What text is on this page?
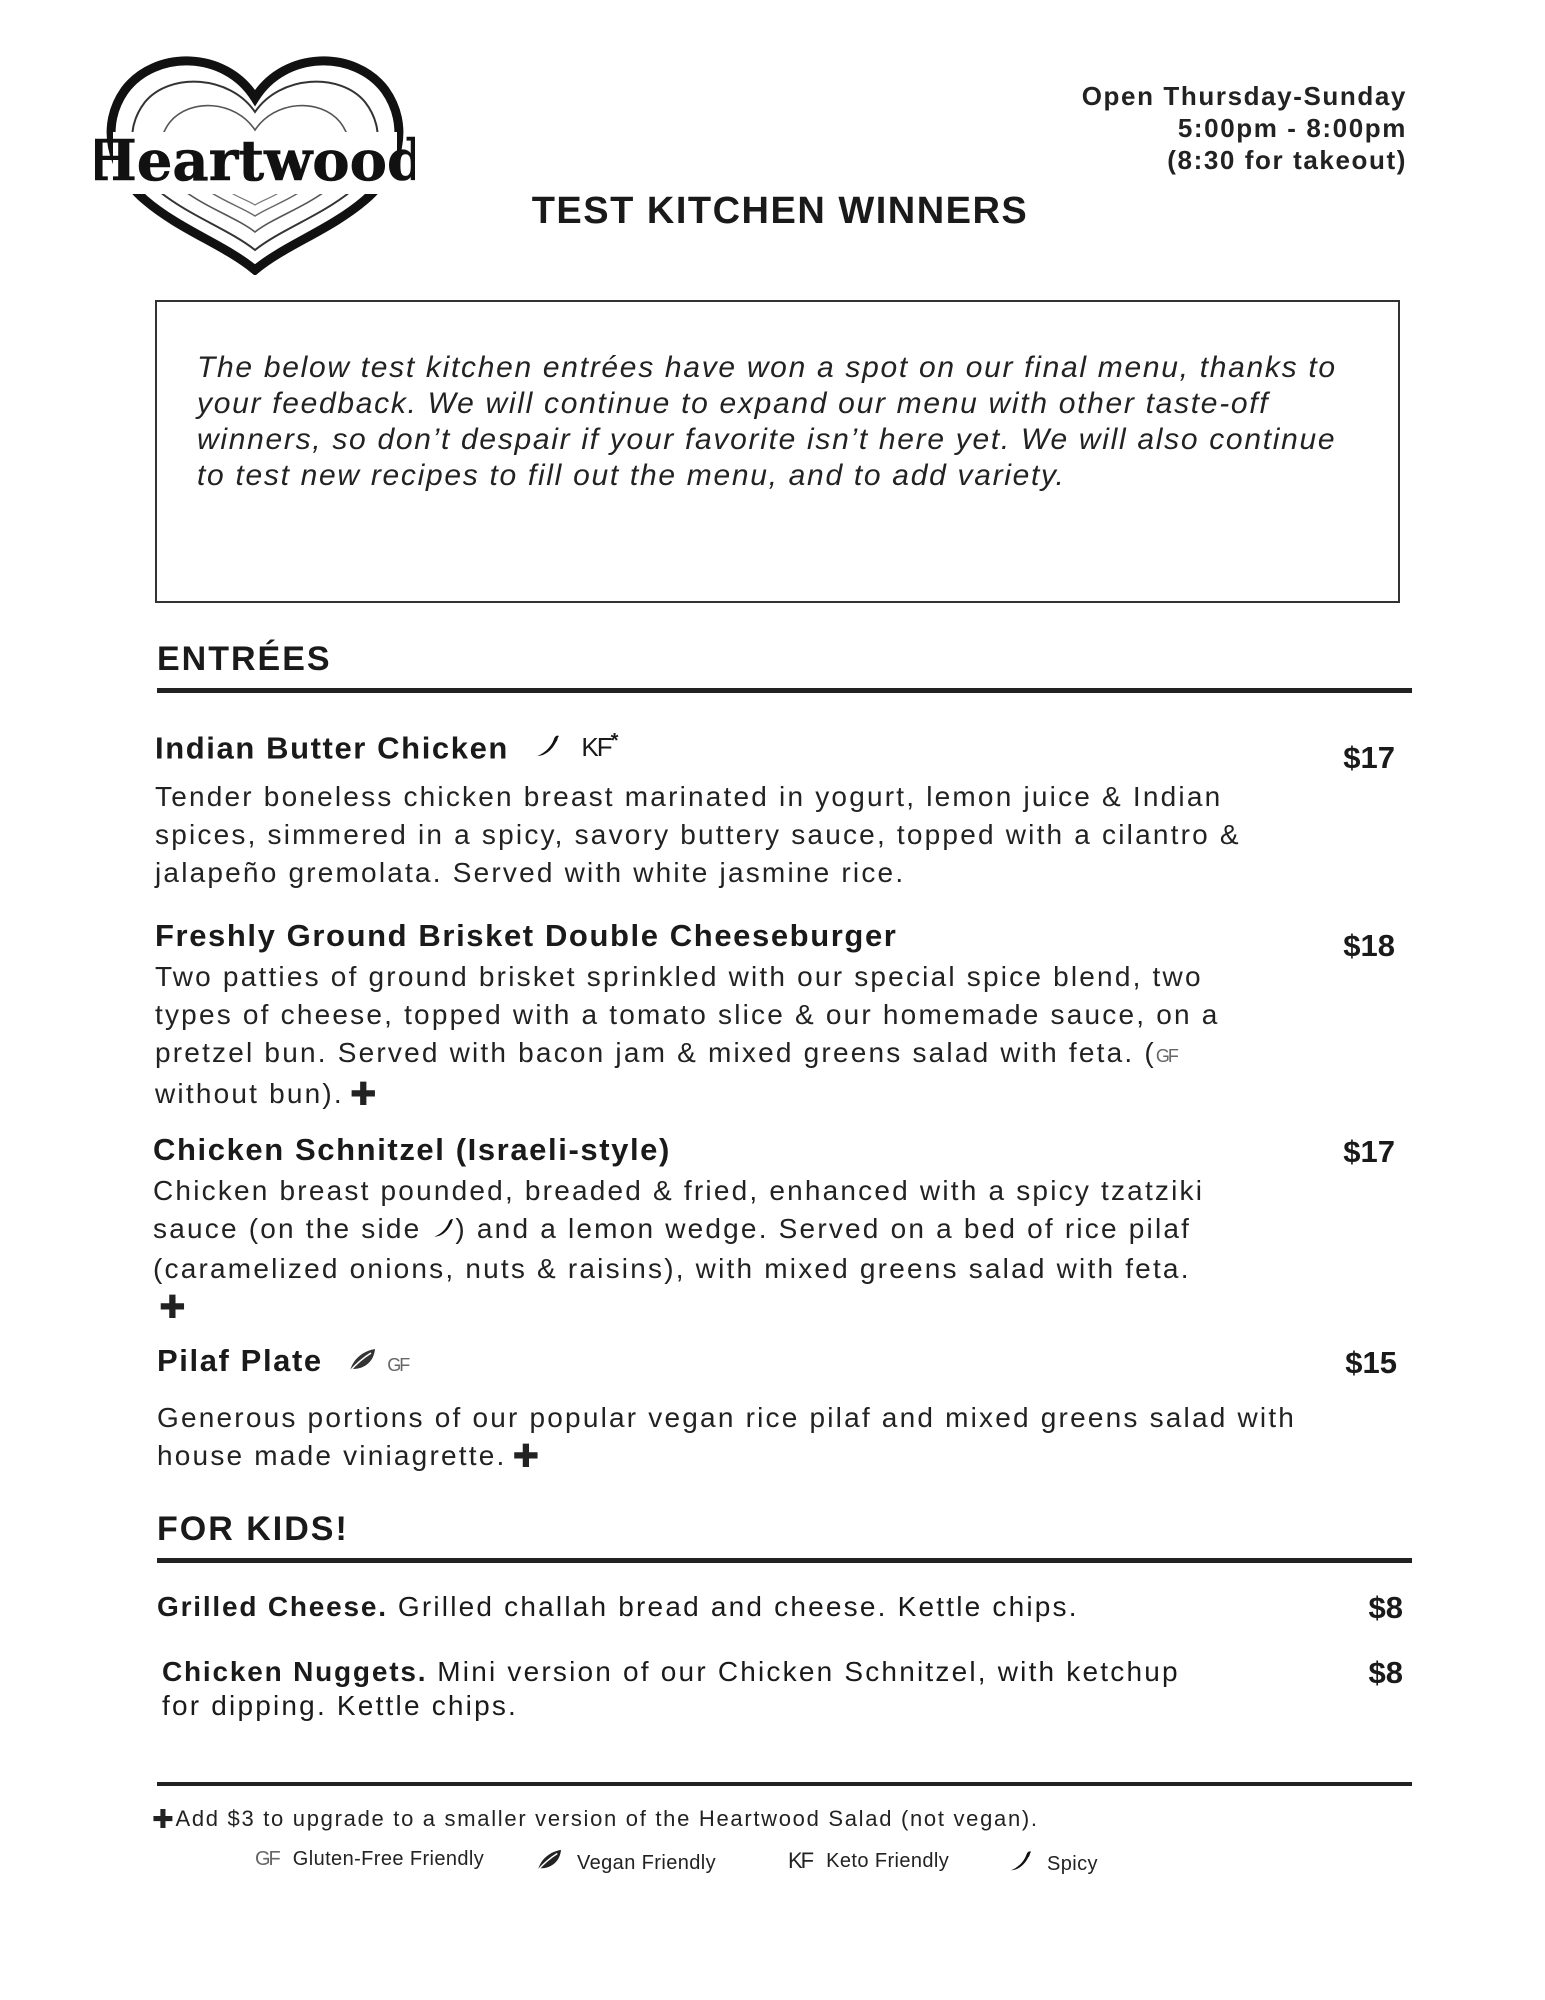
Heartwood
Open Thursday-Sunday
5:00pm - 8:00pm
(8:30 for takeout)
TEST KITCHEN WINNERS
The below test kitchen entrées have won a spot on our final menu, thanks to your feedback. We will continue to expand our menu with other taste-off winners, so don’t despair if your favorite isn’t here yet. We will also continue to test new recipes to fill out the menu, and to add variety.
ENTRÉES
Indian Butter Chicken	KF*	$17
Tender boneless chicken breast marinated in yogurt, lemon juice & Indian spices, simmered in a spicy, savory buttery sauce, topped with a cilantro & jalapeño gremolata. Served with white jasmine rice.
Freshly Ground Brisket Double Cheeseburger	$18
Two patties of ground brisket sprinkled with our special spice blend, two types of cheese, topped with a tomato slice & our homemade sauce, on a pretzel bun. Served with bacon jam & mixed greens salad with feta. (GF without bun). ✚
Chicken Schnitzel (Israeli-style)	$17
Chicken breast pounded, breaded & fried, enhanced with a spicy tzatziki sauce (on the side ) and a lemon wedge. Served on a bed of rice pilaf (caramelized onions, nuts & raisins), with mixed greens salad with feta.✚
Pilaf Plate	GF	$15
Generous portions of our popular vegan rice pilaf and mixed greens salad with house made viniagrette. ✚
FOR KIDS!
Grilled Cheese. Grilled challah bread and cheese. Kettle chips.	$8
Chicken Nuggets. Mini version of our Chicken Schnitzel, with ketchup for dipping. Kettle chips.
$8
✚Add $3 to upgrade to a smaller version of the Heartwood Salad (not vegan).
GF Gluten-Free Friendly	Vegan Friendly	KF Keto Friendly	Spicy
